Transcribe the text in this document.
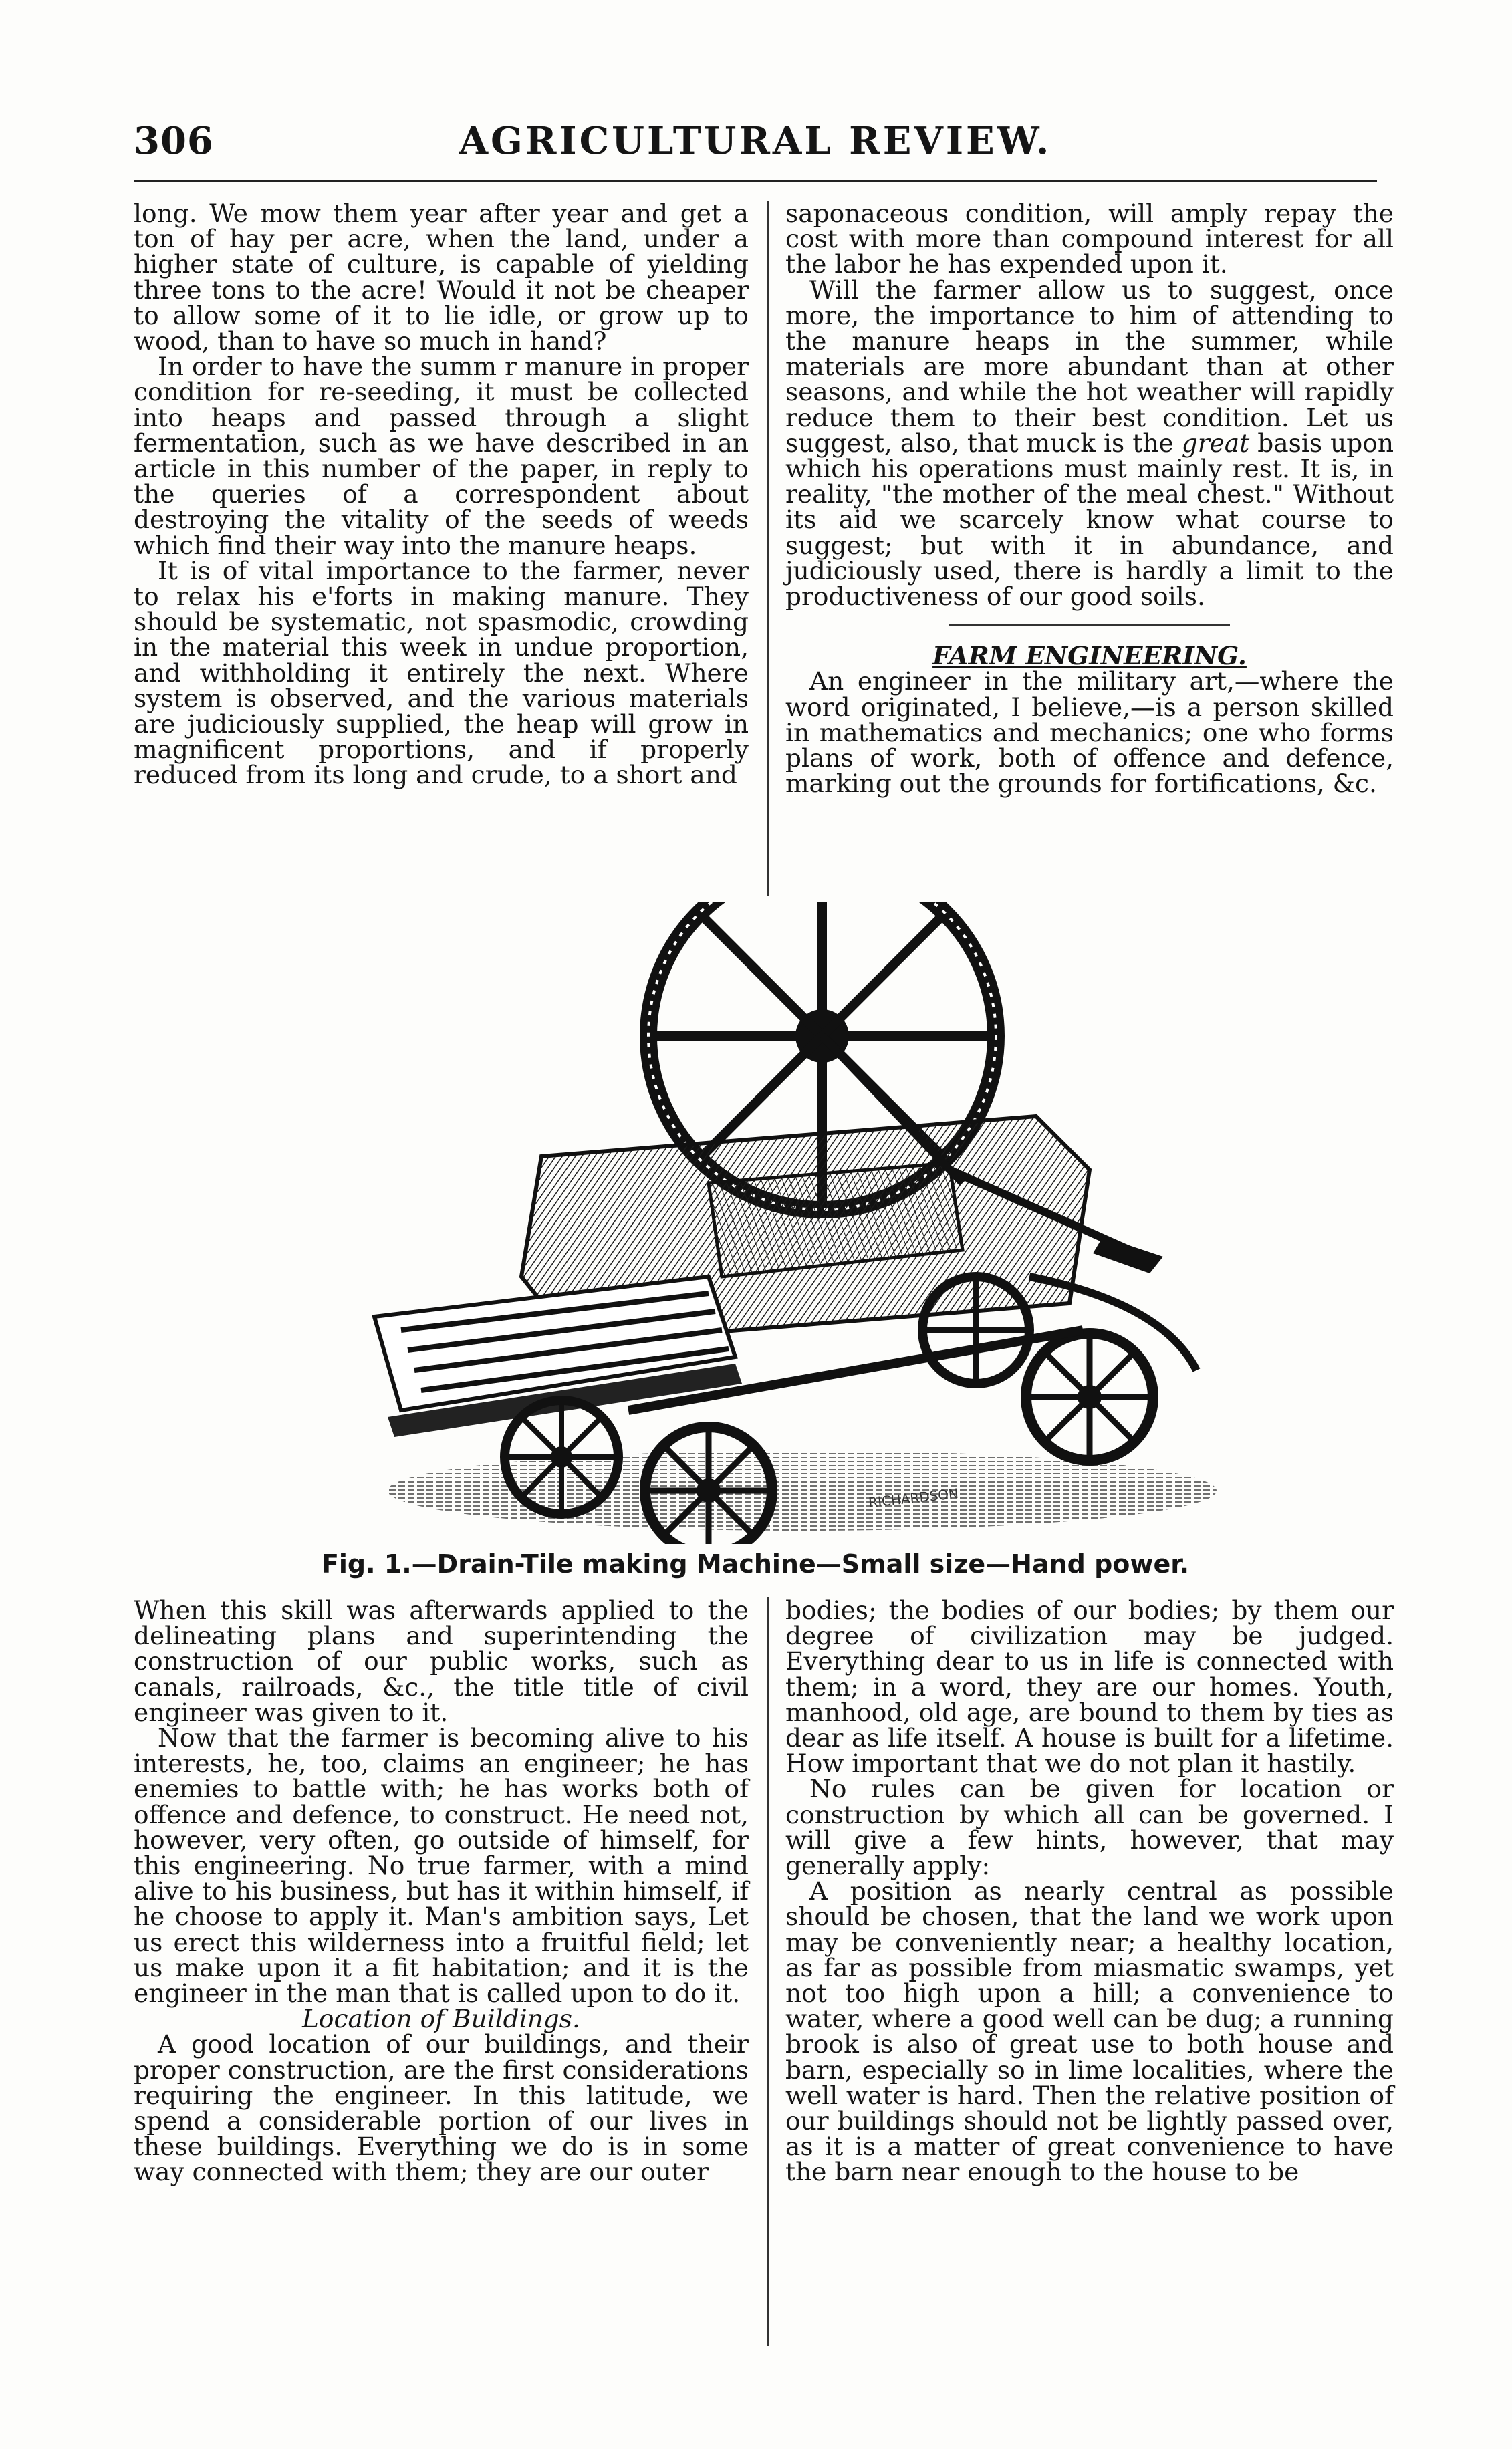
306	AGRICULTURAL REVIEW.

long. We mow them year after year and get a ton of hay per acre, when the land, under a higher state of culture, is capable of yielding three tons to the acre! Would it not be cheaper to allow some of it to lie idle, or grow up to wood, than to have so much in hand?

In order to have the summ r manure in proper condition for re-seeding, it must be collected into heaps and passed through a slight fermentation, such as we have described in an article in this number of the paper, in reply to the queries of a correspondent about destroying the vitality of the seeds of weeds which find their way into the manure heaps.

It is of vital importance to the farmer, never to relax his e'forts in making manure. They should be systematic, not spasmodic, crowding in the material this week in undue proportion, and withholding it entirely the next. Where system is observed, and the various materials are judiciously supplied, the heap will grow in magnificent proportions, and if properly reduced from its long and crude, to a short and

saponaceous condition, will amply repay the cost with more than compound interest for all the labor he has expended upon it.

Will the farmer allow us to suggest, once more, the importance to him of attending to the manure heaps in the summer, while materials are more abundant than at other seasons, and while the hot weather will rapidly reduce them to their best condition. Let us suggest, also, that muck is the great basis upon which his operations must mainly rest. It is, in reality, "the mother of the meal chest." Without its aid we scarcely know what course to suggest; but with it in abundance, and judiciously used, there is hardly a limit to the productiveness of our good soils.

FARM ENGINEERING.

An engineer in the military art,—where the word originated, I believe,—is a person skilled in mathematics and mechanics; one who forms plans of work, both of offence and defence, marking out the grounds for fortifications, &c.

RICHARDSON
Fig. 1.—Drain-Tile making Machine—Small size—Hand power.

When this skill was afterwards applied to the delineating plans and superintending the construction of our public works, such as canals, railroads, &c., the title title of civil engineer was given to it.

Now that the farmer is becoming alive to his interests, he, too, claims an engineer; he has enemies to battle with; he has works both of offence and defence, to construct. He need not, however, very often, go outside of himself, for this engineering. No true farmer, with a mind alive to his business, but has it within himself, if he choose to apply it. Man's ambition says, Let us erect this wilderness into a fruitful field; let us make upon it a fit habitation; and it is the engineer in the man that is called upon to do it.

Location of Buildings.

A good location of our buildings, and their proper construction, are the first considerations requiring the engineer. In this latitude, we spend a considerable portion of our lives in these buildings. Everything we do is in some way connected with them; they are our outer

bodies; the bodies of our bodies; by them our degree of civilization may be judged. Everything dear to us in life is connected with them; in a word, they are our homes. Youth, manhood, old age, are bound to them by ties as dear as life itself. A house is built for a lifetime. How important that we do not plan it hastily.

No rules can be given for location or construction by which all can be governed. I will give a few hints, however, that may generally apply:

A position as nearly central as possible should be chosen, that the land we work upon may be conveniently near; a healthy location, as far as possible from miasmatic swamps, yet not too high upon a hill; a convenience to water, where a good well can be dug; a running brook is also of great use to both house and barn, especially so in lime localities, where the well water is hard. Then the relative position of our buildings should not be lightly passed over, as it is a matter of great convenience to have the barn near enough to the house to be
